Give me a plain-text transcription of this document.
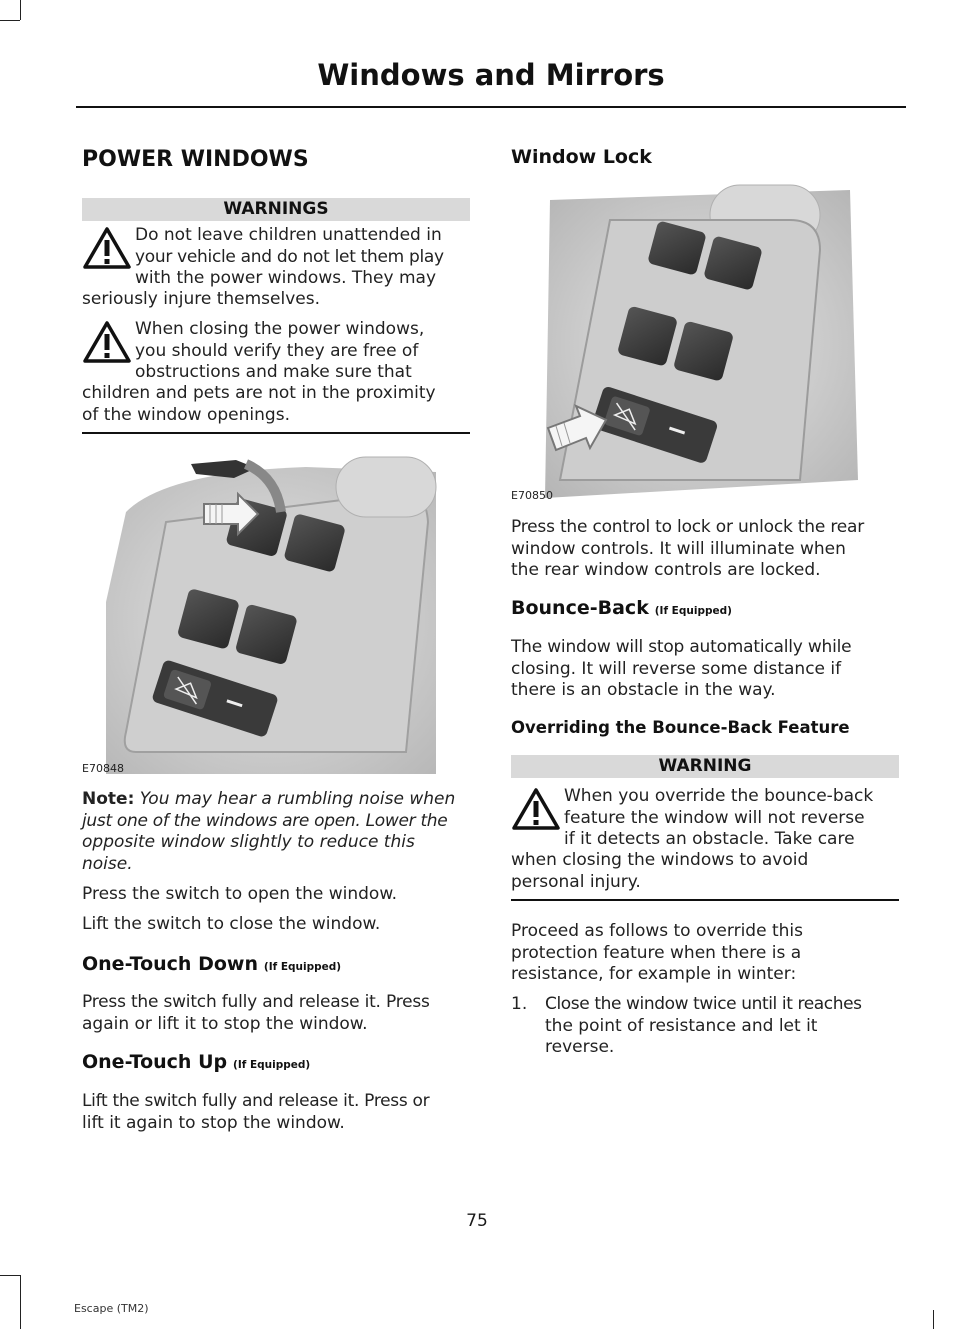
Windows and Mirrors
POWER WINDOWS
WARNINGS
Do not leave children unattended in
your vehicle and do not let them play
with the power windows. They may
seriously injure themselves.
When closing the power windows,
you should verify they are free of
obstructions and make sure that
children and pets are not in the proximity
of the window openings.
E70848
Note: You may hear a rumbling noise when
just one of the windows are open. Lower the
opposite window slightly to reduce this
noise.
Press the switch to open the window.
Lift the switch to close the window.
One-Touch Down (If Equipped)
Press the switch fully and release it. Press
again or lift it to stop the window.
One-Touch Up (If Equipped)
Lift the switch fully and release it. Press or
lift it again to stop the window.
Window Lock
E70850
Press the control to lock or unlock the rear
window controls. It will illuminate when
the rear window controls are locked.
Bounce-Back (If Equipped)
The window will stop automatically while
closing. It will reverse some distance if
there is an obstacle in the way.
Overriding the Bounce-Back Feature
WARNING
When you override the bounce-back
feature the window will not reverse
if it detects an obstacle. Take care
when closing the windows to avoid
personal injury.
Proceed as follows to override this
protection feature when there is a
resistance, for example in winter:
1. Close the window twice until it reaches
the point of resistance and let it
reverse.
75
Escape (TM2)
